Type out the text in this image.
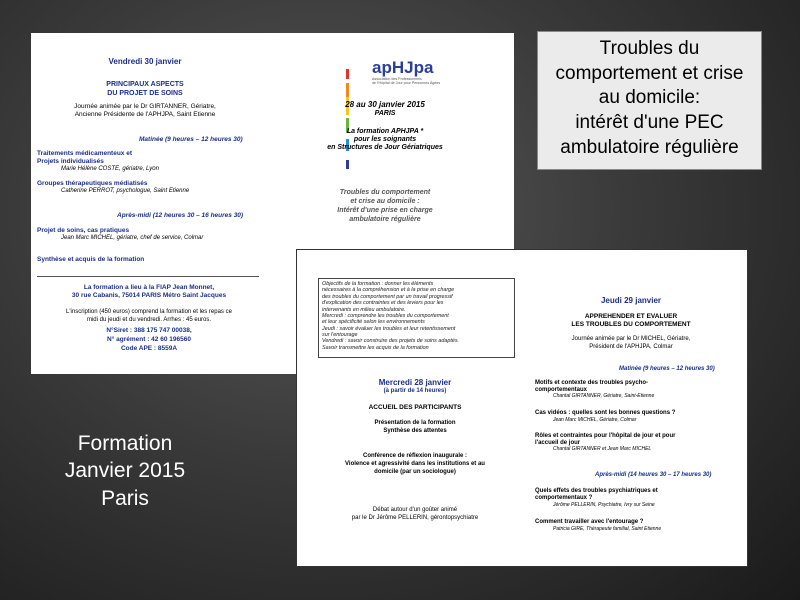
Troubles du
comportement et crise
au domicile:
intérêt d'une PEC
ambulatoire régulière
Formation
Janvier 2015
Paris
Vendredi 30 janvier
PRINCIPAUX ASPECTS
DU PROJET DE SOINS
Journée animée par le Dr GIRTANNER, Gériatre,
Ancienne Présidente de l'APHJPA, Saint Etienne
Matinée (9 heures – 12 heures 30)
Traitements médicamenteux et
Projets individualisés
Marie Hélène COSTE, gériatre, Lyon
Groupes thérapeutiques médiatisés
Catherine PERROT, psychologue, Saint Etienne
Après-midi (12 heures 30 – 16 heures 30)
Projet de soins, cas pratiques
Jean Marc MICHEL, gériatre, chef de service, Colmar
Synthèse et acquis de la formation
La formation a lieu à la FIAP Jean Monnet,
30 rue Cabanis, 75014 PARIS Métro Saint Jacques
L'inscription (450 euros) comprend la formation et les repas ce
midi du jeudi et du vendredi. Arrhes : 45 euros.
N°Siret : 388 175 747 00038,
N° agrément : 42 60 196560
Code APE : 8559A
apHJpa
Association des Professionnels
de l'Hôpital de Jour pour Personnes Âgées
28 au 30 janvier 2015
PARIS
La formation APHJPA *
pour les soignants
en Structures de Jour Gériatriques
Troubles du comportement
et crise au domicile :
Intérêt d'une prise en charge
ambulatoire régulière
Objectifs de la formation : donner les éléments
nécessaires à la compréhension et à la prise en charge
des troubles du comportement par un travail progressif
d'explication des contraintes et des leviers pour les
intervenants en milieu ambulatoire.
Mercredi : comprendre les troubles du comportement
et leur spécificité selon les environnements
Jeudi : savoir évaluer les troubles et leur retentissement
sur l'entourage
Vendredi : savoir construire des projets de soins adaptés.
Savoir transmettre les acquis de la formation
Mercredi 28 janvier
(à partir de 14 heures)
ACCUEIL DES PARTICIPANTS
Présentation de la formation
Synthèse des attentes
Conférence de réflexion inaugurale :
Violence et agressivité dans les institutions et au
domicile (par un sociologue)
Débat autour d'un goûter animé
par le Dr Jérôme PELLERIN, gérontopsychiatre
Jeudi 29 janvier
APPREHENDER ET EVALUER
LES TROUBLES DU COMPORTEMENT
Journée animée par le Dr MICHEL, Gériatre,
Président de l'APHJPA, Colmar
Matinée (9 heures – 12 heures 30)
Motifs et contexte des troubles psycho-
comportementaux
Chantal GIRTANNER, Gériatre, Saint-Etienne
Cas vidéos : quelles sont les bonnes questions ?
Jean Marc MICHEL, Gériatre, Colmar
Rôles et contraintes pour l'hôpital de jour et pour
l'accueil de jour
Chantal GIRTANNER et Jean Marc MICHEL
Après-midi (14 heures 30 – 17 heures 30)
Quels effets des troubles psychiatriques et
comportementaux ?
Jérôme PELLERIN, Psychiatre, Ivry sur Seine
Comment travailler avec l'entourage ?
Patricia GIRE, Thérapeute familial, Saint Etienne
